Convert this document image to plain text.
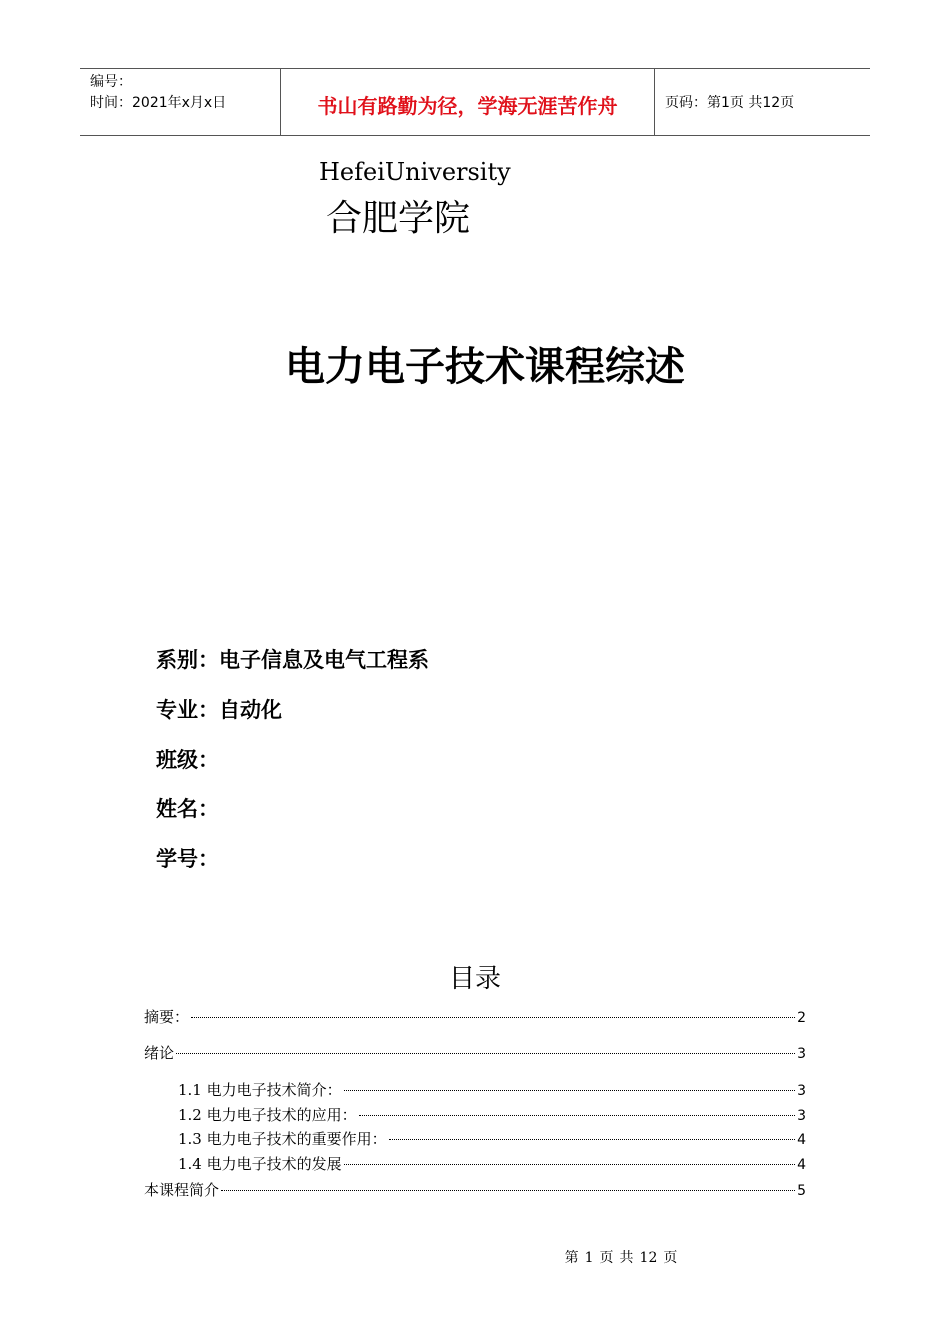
编号：
时间：2021年x月x日	书山有路勤为径，学海无涯苦作舟	页码：第1页 共12页
HefeiUniversity
合肥学院
电力电子技术课程综述
系别：电子信息及电气工程系
专业：自动化
班级：
姓名：
学号：
目录
摘要：	2
绪论	3
1.1 电力电子技术简介：	3
1.2 电力电子技术的应用：	3
1.3 电力电子技术的重要作用：	4
1.4 电力电子技术的发展	4
本课程简介	5
第 1 页 共 12 页
